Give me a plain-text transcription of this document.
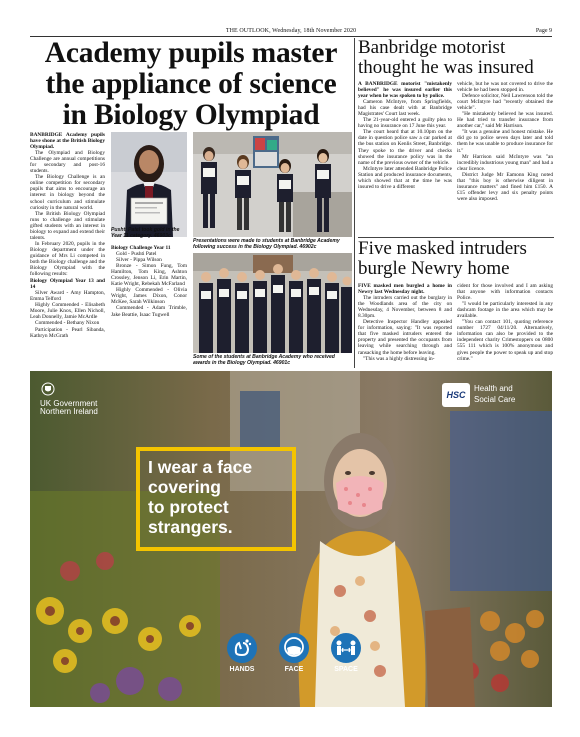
THE OUTLOOK, Wednesday, 18th November 2020	Page 9
Academy pupils master
the appliance of science
in Biology Olympiad

BANBRIDGE Academy pupils have shone at the British Biology Olympiad.

The Olympiad and Biology Challenge are annual competitions for secondary and post-16 students.

The Biology Challenge is an online competition for secondary pupils that aims to encourage an interest in biology beyond the school curriculum and stimulate curiosity in the natural world.

The British Biology Olympiad runs to challenge and stimulate gifted students with an interest in biology to expand and extend their talents.

In February 2020, pupils in the Biology department under the guidance of Mrs Li competed in both the Biology challenge and the Biology Olympiad with the following results:

Biology Olympiad Year 13 and 14

Silver Award - Amy Hampton, Emma Telford

Highly Commended - Elisabeth Moore, Julie Knox, Ellen Nicholl, Leah Donnelly, Jamie McArdle

Commended - Bethany Nixon

Participation - Pearl Sibanda, Kathryn McGrath

Biology Challenge Year 11

Gold - Pushti Patel

Silver - Pippa Wilson

Bronze - Simon Fung, Tom Hamilton, Tom King, Ashton Crossley, Jenson Li, Erin Martin, Katie Wright, Rebekah McFarland

Highly Commended - Olivia Wright, James Dixon, Conor McKee, Sarah Wilkinson

Commended - Adam Trimble, Jake Beattie, Isaac Tugwell

Pushti Patel took gold in the Year 11 category. 46903c
Presentations were made to students at Banbridge Academy following success in the Biology Olympiad. 46902c
Some of the students at Banbridge Academy who received awards in the Biology Olympiad. 46901c
Banbridge motorist
thought he was insured

A BANBRIDGE motorist "mistakenly believed" he was insured earlier this year when he was spoken to by police.

Cameron McIntyre, from Springfields, had his case dealt with at Banbridge Magistrates' Court last week.

The 21-year-old entered a guilty plea to having no insurance on 17 June this year.

The court heard that at 10.10pm on the date in question police saw a car parked at the bus station on Kenlis Street, Banbridge. They spoke to the driver and checks showed the insurance policy was in the name of the previous owner of the vehicle.

McIntyre later attended Banbridge Police Station and produced insurance documents, which showed that at the time he was insured to drive a different

vehicle, but he was not covered to drive the vehicle he had been stopped in.

Defence solicitor, Neil Lawrenson told the court McIntyre had "recently obtained the vehicle".

"He mistakenly believed he was insured. He had tried to transfer insurance from another car," said Mr Harrison.

"It was a genuine and honest mistake. He did go to police seven days later and told them he was unable to produce insurance for it."

Mr Harrison said McIntyre was "an incredibly industrious young man" and had a clear licence.

District Judge Mr Eamonn King noted that "this boy is otherwise diligent in insurance matters" and fined him £150. A £15 offender levy and six penalty points were also imposed.

Five masked intruders
burgle Newry home

FIVE masked men burgled a home in Newry last Wednesday night.

The intruders carried out the burglary in the Woodlands area of the city on Wednesday, 4 November, between 8 and 8.30pm.

Detective Inspector Handley appealed for information, saying: "It was reported that five masked intruders entered the property and presented the occupants from leaving while searching through and ransacking the home before leaving.

"This was a highly distressing in-

cident for those involved and I am asking that anyone with information contacts Police.

"I would be particularly interested in any dashcam footage in the area which may be available.

"You can contact 101, quoting reference number 1727 04/11/20. Alternatively, information can also be provided to the independent charity Crimestoppers on 0800 555 111 which is 100% anonymous and gives people the power to speak up and stop crime."

UK Government
Northern Ireland
HSC
Health and
Social Care
I wear a face
covering
to protect
strangers.
HANDS	FACE	SPACE
